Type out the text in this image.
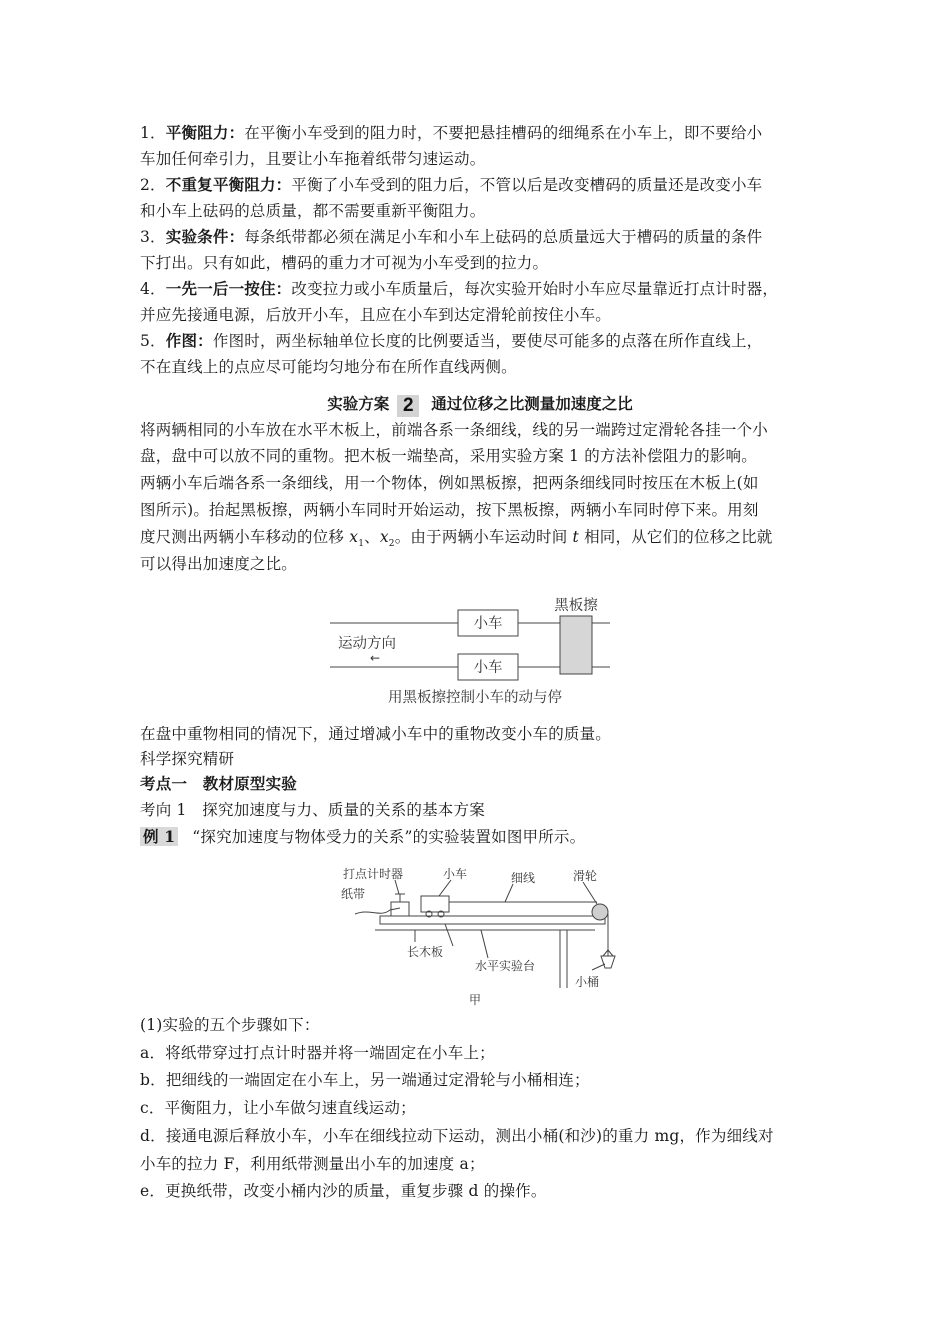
1．平衡阻力：在平衡小车受到的阻力时，不要把悬挂槽码的细绳系在小车上，即不要给小
车加任何牵引力，且要让小车拖着纸带匀速运动。
2．不重复平衡阻力：平衡了小车受到的阻力后，不管以后是改变槽码的质量还是改变小车
和小车上砝码的总质量，都不需要重新平衡阻力。
3．实验条件：每条纸带都必须在满足小车和小车上砝码的总质量远大于槽码的质量的条件
下打出。只有如此，槽码的重力才可视为小车受到的拉力。
4．一先一后一按住：改变拉力或小车质量后，每次实验开始时小车应尽量靠近打点计时器，
并应先接通电源，后放开小车，且应在小车到达定滑轮前按住小车。
5．作图：作图时，两坐标轴单位长度的比例要适当，要使尽可能多的点落在所作直线上，
不在直线上的点应尽可能均匀地分布在所作直线两侧。
实验方案 2 通过位移之比测量加速度之比
将两辆相同的小车放在水平木板上，前端各系一条细线，线的另一端跨过定滑轮各挂一个小
盘，盘中可以放不同的重物。把木板一端垫高，采用实验方案 1 的方法补偿阻力的影响。
两辆小车后端各系一条细线，用一个物体，例如黑板擦，把两条细线同时按压在木板上(如
图所示)。抬起黑板擦，两辆小车同时开始运动，按下黑板擦，两辆小车同时停下来。用刻
度尺测出两辆小车移动的位移 $x_1$、$x_2$。由于两辆小车运动时间 t 相同，从它们的位移之比就
可以得出加速度之比。
小车
小车
黑板擦
运动方向
←
用黑板擦控制小车的动与停
在盘中重物相同的情况下，通过增减小车中的重物改变小车的质量。
科学探究精研
考点一　教材原型实验
考向 1　探究加速度与力、质量的关系的基本方案
例 1 “探究加速度与物体受力的关系”的实验装置如图甲所示。
打点计时器	小车	细线	滑轮
纸带
长木板
水平实验台
小桶
甲
(1)实验的五个步骤如下：
a．将纸带穿过打点计时器并将一端固定在小车上；
b．把细线的一端固定在小车上，另一端通过定滑轮与小桶相连；
c．平衡阻力，让小车做匀速直线运动；
d．接通电源后释放小车，小车在细线拉动下运动，测出小桶(和沙)的重力 mg，作为细线对
小车的拉力 F，利用纸带测量出小车的加速度 a；
e．更换纸带，改变小桶内沙的质量，重复步骤 d 的操作。
